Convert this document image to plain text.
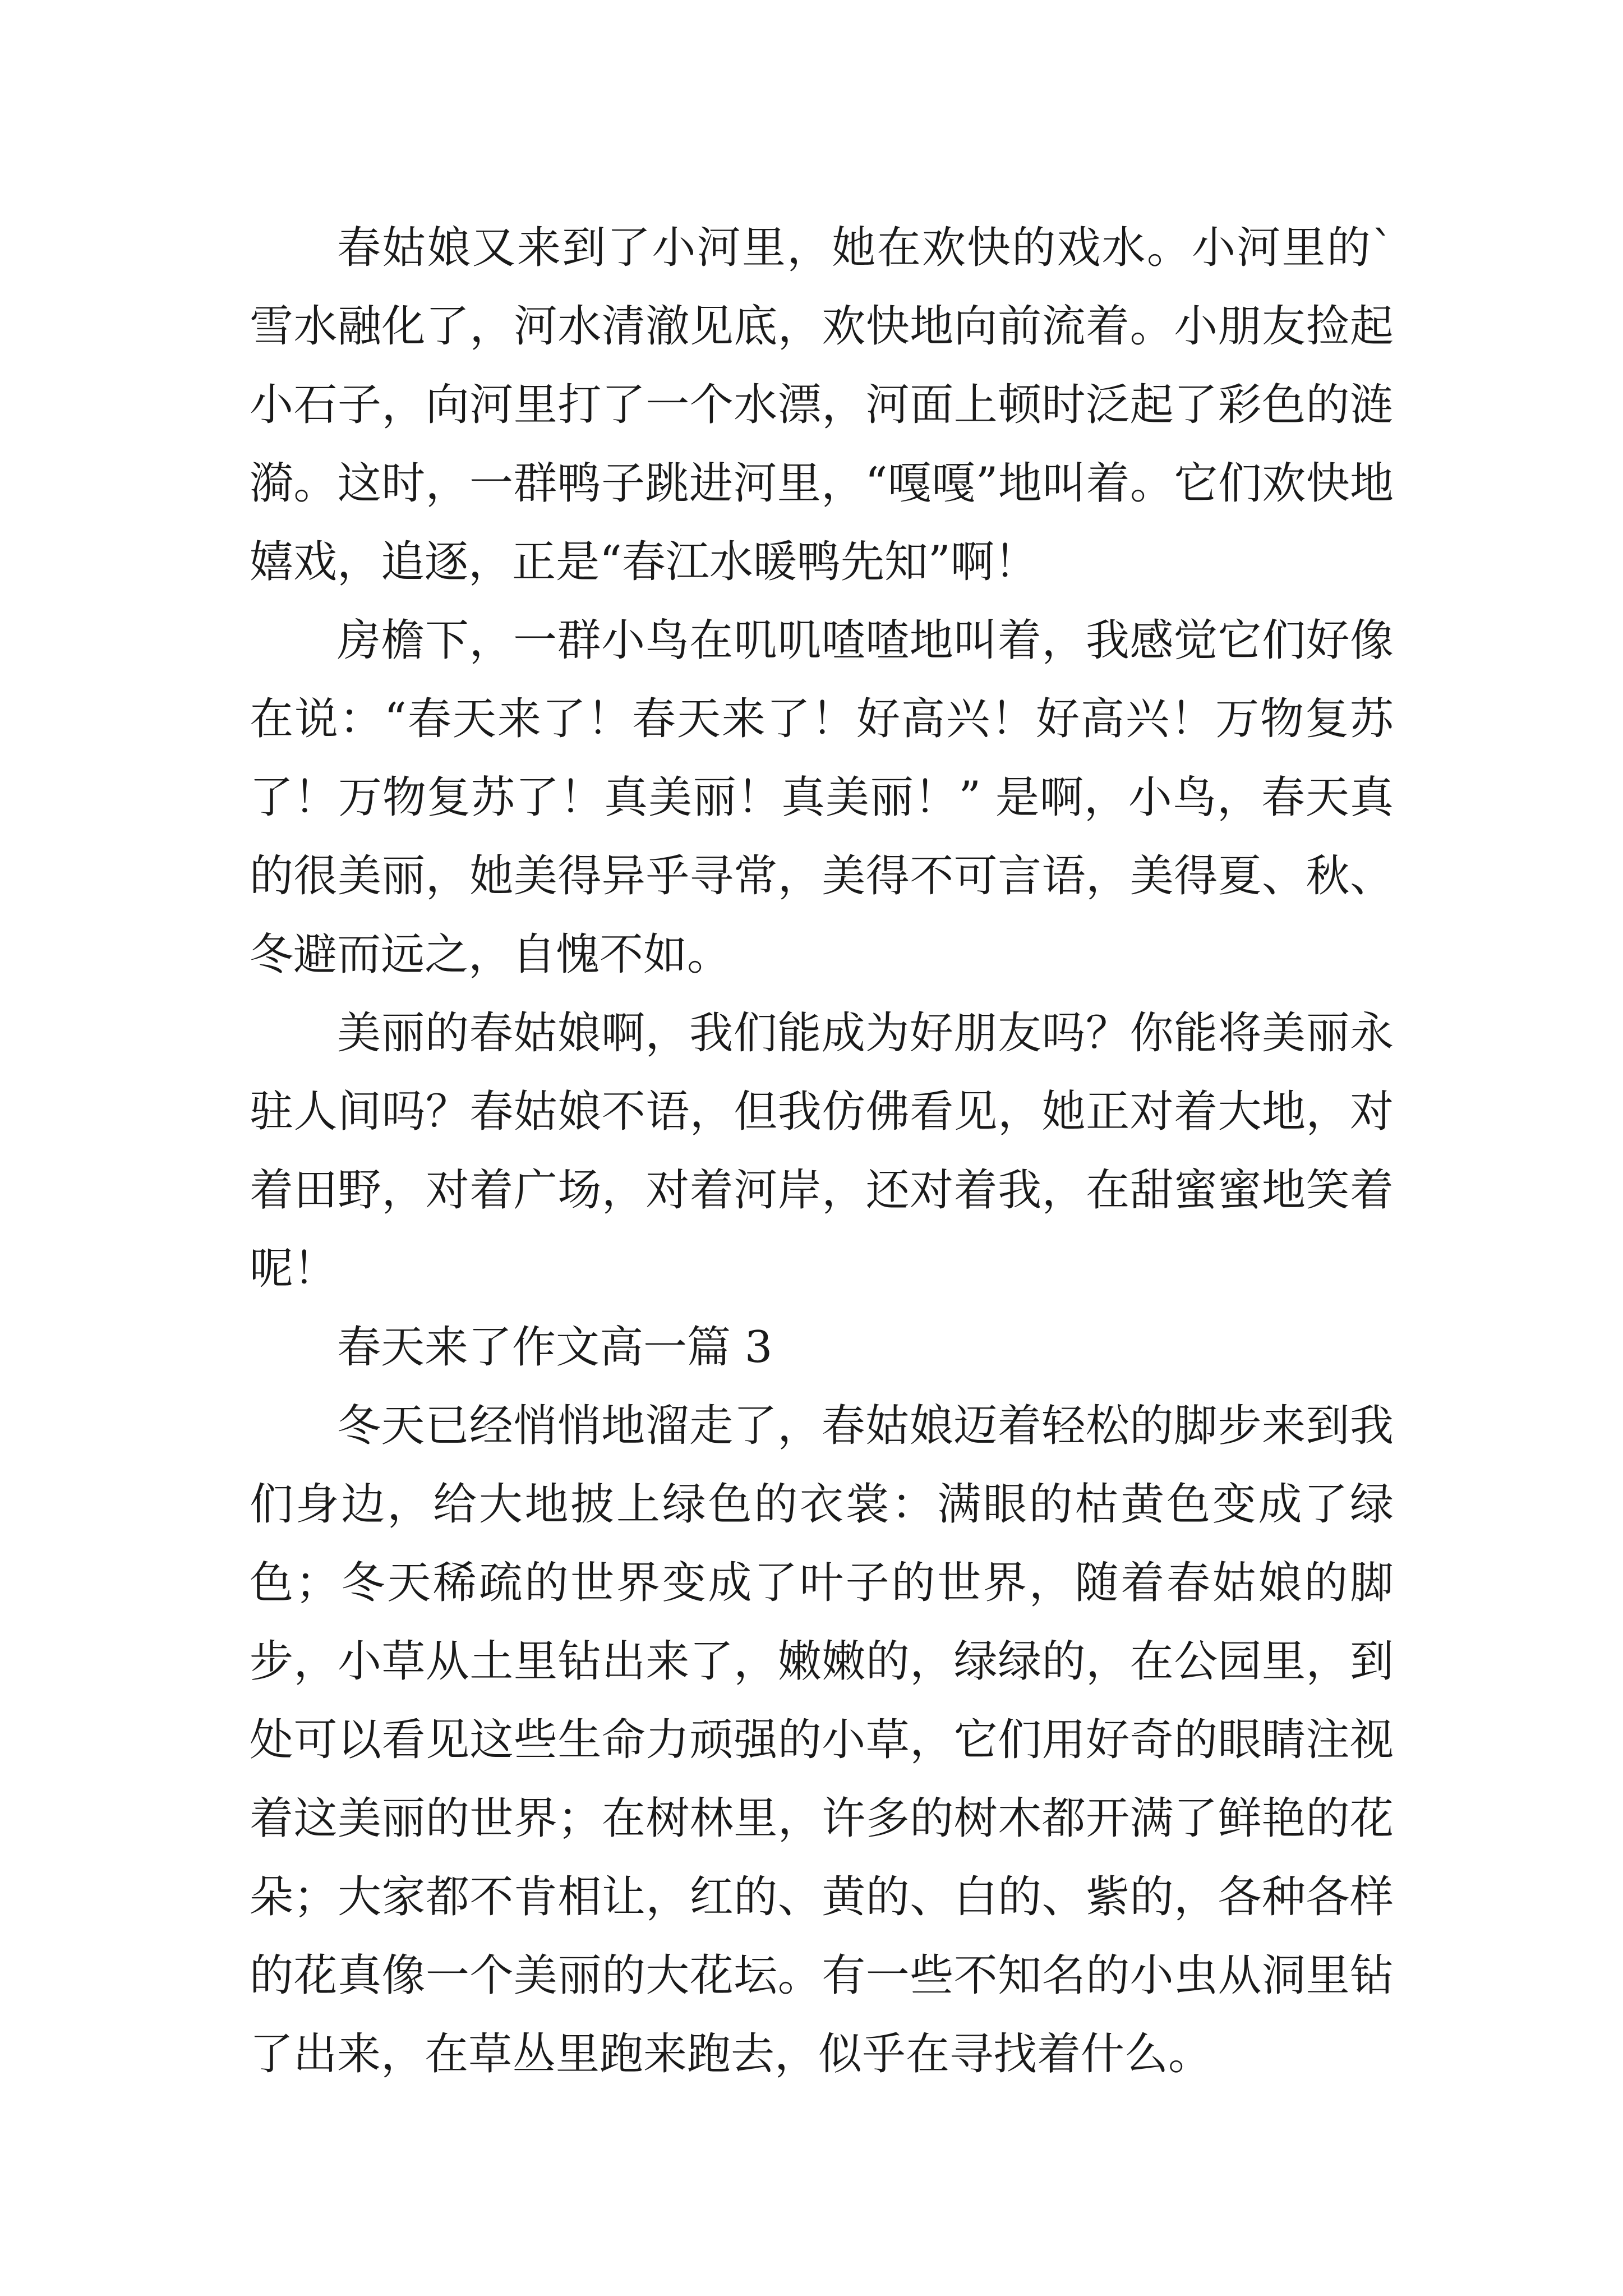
春姑娘又来到了小河里，她在欢快的戏水。小河里的`雪水融化了，河水清澈见底，欢快地向前流着。小朋友捡起小石子，向河里打了一个水漂，河面上顿时泛起了彩色的涟漪。这时，一群鸭子跳进河里，“嘎嘎”地叫着。它们欢快地嬉戏，追逐，正是“春江水暖鸭先知”啊！

房檐下，一群小鸟在叽叽喳喳地叫着，我感觉它们好像在说：“春天来了！春天来了！好高兴！好高兴！万物复苏了！万物复苏了！真美丽！真美丽！” 是啊，小鸟，春天真的很美丽，她美得异乎寻常，美得不可言语，美得夏、秋、冬避而远之，自愧不如。

美丽的春姑娘啊，我们能成为好朋友吗？你能将美丽永驻人间吗？春姑娘不语，但我仿佛看见，她正对着大地，对着田野，对着广场，对着河岸，还对着我，在甜蜜蜜地笑着呢！

春天来了作文高一篇 3

冬天已经悄悄地溜走了，春姑娘迈着轻松的脚步来到我们身边，给大地披上绿色的衣裳：满眼的枯黄色变成了绿色；冬天稀疏的世界变成了叶子的世界，随着春姑娘的脚步，小草从土里钻出来了，嫩嫩的，绿绿的，在公园里，到处可以看见这些生命力顽强的小草，它们用好奇的眼睛注视着这美丽的世界；在树林里，许多的树木都开满了鲜艳的花朵；大家都不肯相让，红的、黄的、白的、紫的，各种各样的花真像一个美丽的大花坛。有一些不知名的小虫从洞里钻了出来，在草丛里跑来跑去，似乎在寻找着什么。
